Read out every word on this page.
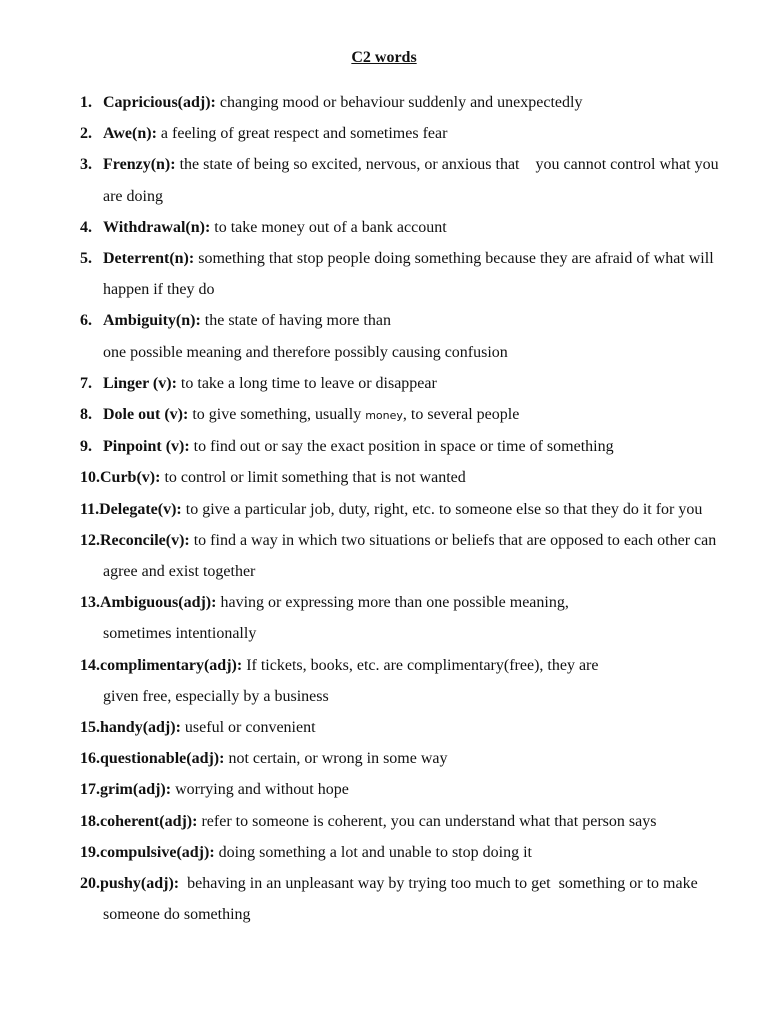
C2 words
1. Capricious(adj): changing mood or behaviour suddenly and unexpectedly
2. Awe(n): a feeling of great respect and sometimes fear
3. Frenzy(n): the state of being so excited, nervous, or anxious that    you cannot control what you are doing
4. Withdrawal(n): to take money out of a bank account
5. Deterrent(n): something that stop people doing something because they are afraid of what will happen if they do
6. Ambiguity(n): the state of having more than
one possible meaning and therefore possibly causing confusion
7. Linger (v): to take a long time to leave or disappear
8. Dole out (v): to give something, usually money, to several people
9. Pinpoint (v): to find out or say the exact position in space or time of something
10.Curb(v): to control or limit something that is not wanted
11.Delegate(v): to give a particular job, duty, right, etc. to someone else so that they do it for you
12.Reconcile(v): to find a way in which two situations or beliefs that are opposed to each other can agree and exist together
13.Ambiguous(adj): having or expressing more than one possible meaning,
sometimes intentionally
14.complimentary(adj): If tickets, books, etc. are complimentary(free), they are
given free, especially by a business
15.handy(adj): useful or convenient
16.questionable(adj): not certain, or wrong in some way
17.grim(adj): worrying and without hope
18.coherent(adj): refer to someone is coherent, you can understand what that person says
19.compulsive(adj): doing something a lot and unable to stop doing it
20.pushy(adj):  behaving in an unpleasant way by trying too much to get  something or to make someone do something
